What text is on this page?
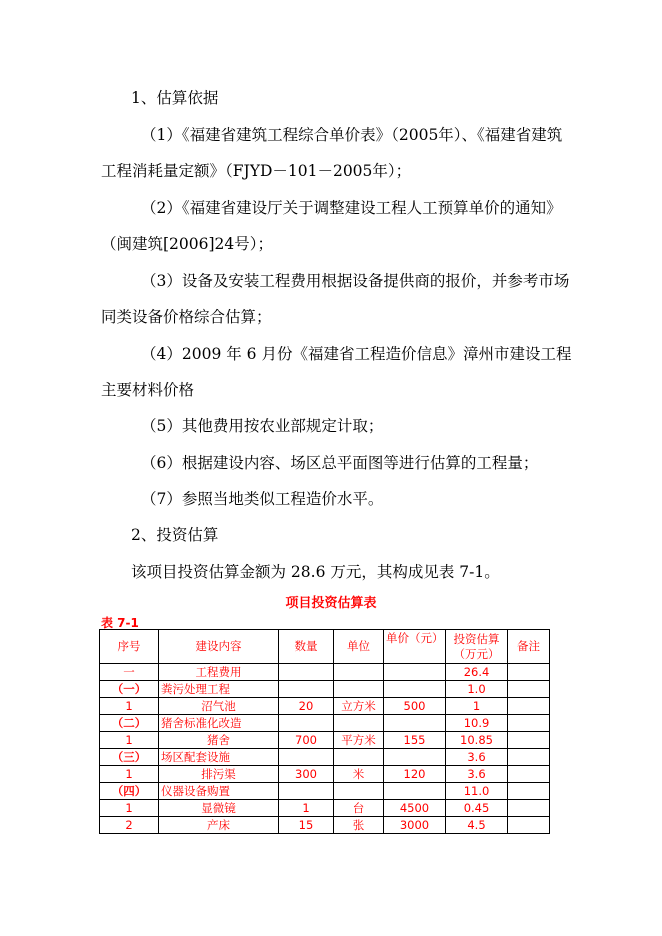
1、估算依据
（1）《福建省建筑工程综合单价表》（2005年）、《福建省建筑
工程消耗量定额》（FJYD－101－2005年）；
（2）《福建省建设厅关于调整建设工程人工预算单价的通知》
（闽建筑[2006]24号）；
（3）设备及安装工程费用根据设备提供商的报价，并参考市场
同类设备价格综合估算；
（4）2009 年 6 月份《福建省工程造价信息》漳州市建设工程
主要材料价格
（5）其他费用按农业部规定计取；
（6）根据建设内容、场区总平面图等进行估算的工程量；
（7）参照当地类似工程造价水平。
2、投资估算
该项目投资估算金额为 28.6 万元，其构成见表 7-1。
项目投资估算表
表 7-1
序号	建设内容	数量	单位	单价（元）	投资估算（万元）	备注
一	工程费用				26.4	
（一）	粪污处理工程				1.0	
1	沼气池	20	立方米	500	1	
（二）	猪舍标准化改造				10.9	
1	猪舍	700	平方米	155	10.85	
（三）	场区配套设施				3.6	
1	排污渠	300	米	120	3.6	
（四）	仪器设备购置				11.0	
1	显微镜	1	台	4500	0.45	
2	产床	15	张	3000	4.5	
